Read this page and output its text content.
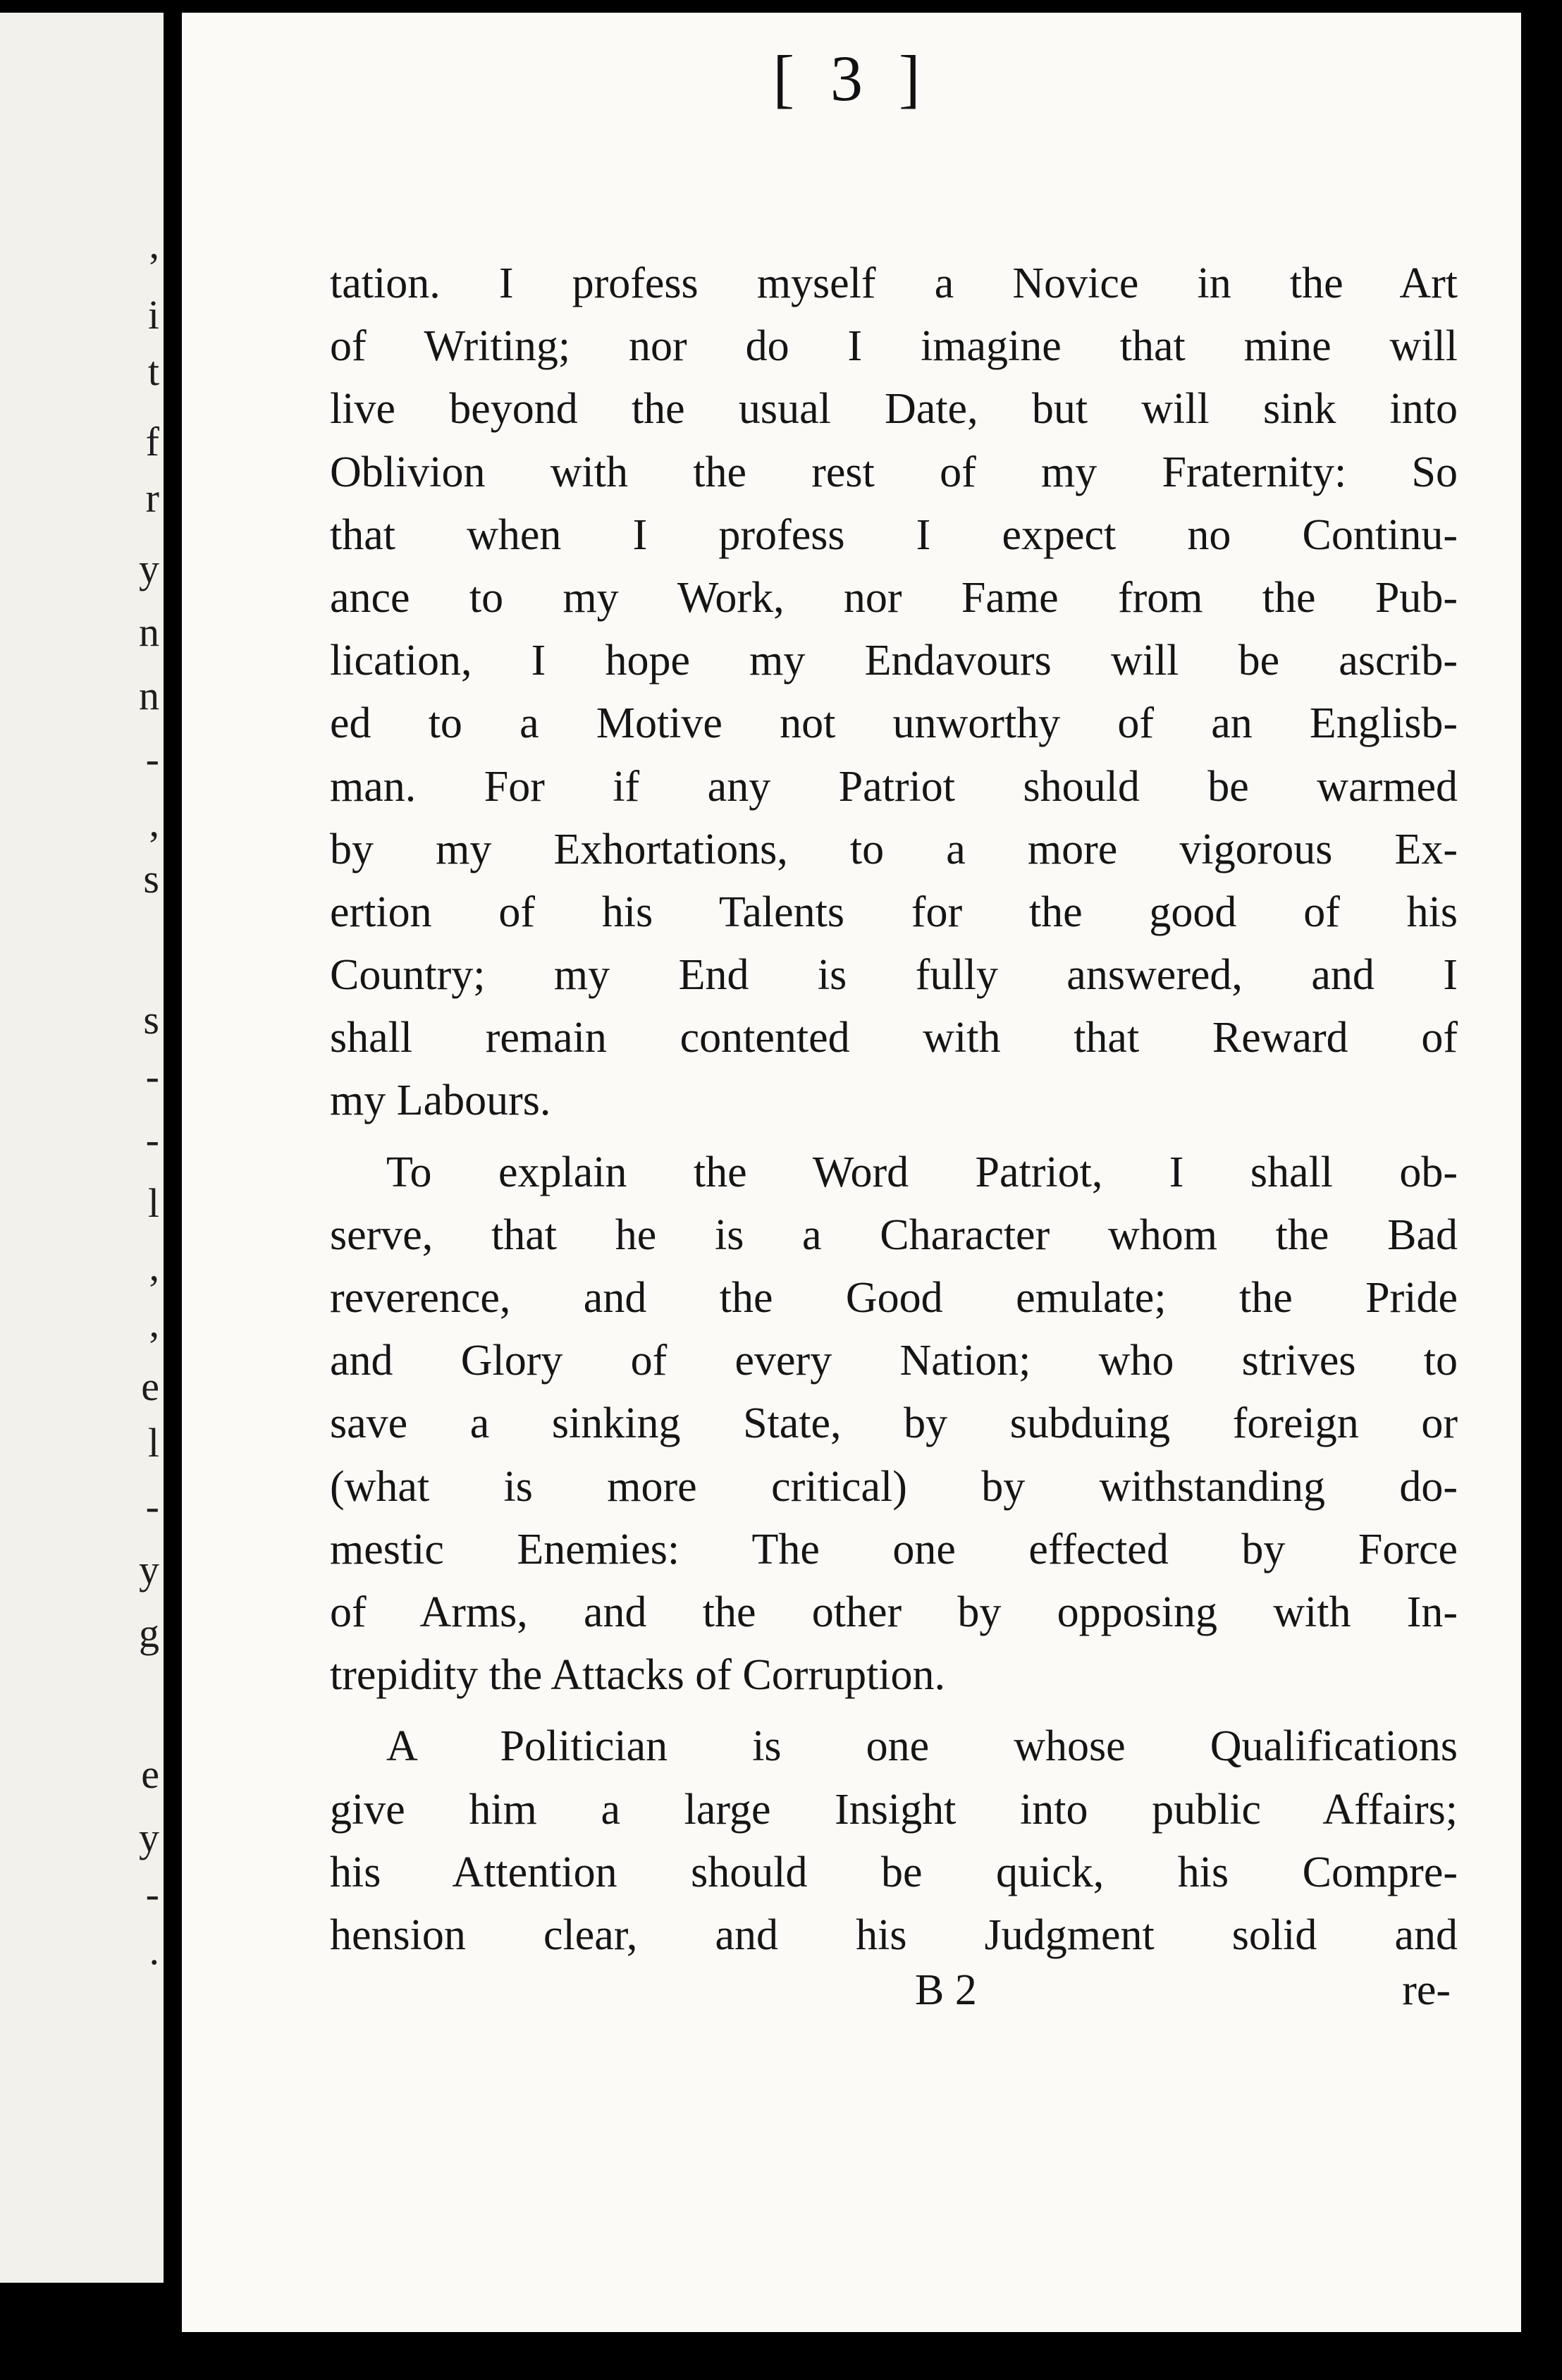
,
i
t
f
r
y
n
n
-
,
s
s
-
-
l
,
,
e
l
-
y
g
e
y
-
.
[ 3 ]
tation. I profess myself a Novice in the Art
of Writing; nor do I imagine that mine will
live beyond the usual Date, but will sink into
Oblivion with the rest of my Fraternity: So
that when I profess I expect no Continu-
ance to my Work, nor Fame from the Pub-
lication, I hope my Endavours will be ascrib-
ed to a Motive not unworthy of an Englisb-
man. For if any Patriot should be warmed
by my Exhortations, to a more vigorous Ex-
ertion of his Talents for the good of his
Country; my End is fully answered, and I
shall remain contented with that Reward of
my Labours.
To explain the Word Patriot, I shall ob-
serve, that he is a Character whom the Bad
reverence, and the Good emulate; the Pride
and Glory of every Nation; who strives to
save a sinking State, by subduing foreign or
(what is more critical) by withstanding do-
mestic Enemies: The one effected by Force
of Arms, and the other by opposing with In-
trepidity the Attacks of Corruption.
A Politician is one whose Qualifications
give him a large Insight into public Affairs;
his Attention should be quick, his Compre-
hension clear, and his Judgment solid and
B 2	re-
